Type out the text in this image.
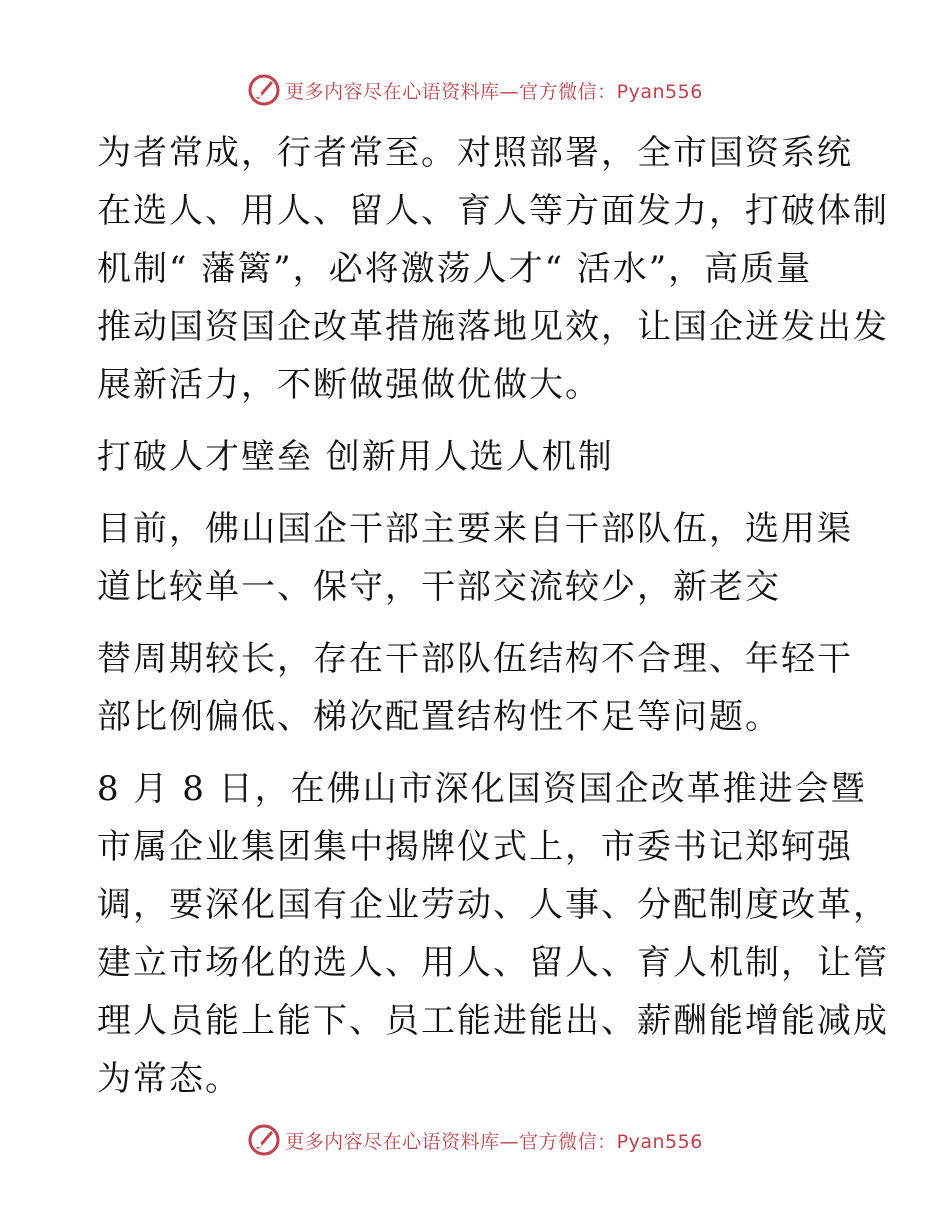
更多内容尽在心语资料库—官方微信：Pyan556

为者常成，行者常至。对照部署，全市国资系统

在选人、用人、留人、育人等方面发力，打破体制

机制“ 藩篱”，必将激荡人才“ 活水”，高质量

推动国资国企改革措施落地见效，让国企迸发出发

展新活力，不断做强做优做大。

打破人才壁垒 创新用人选人机制

目前，佛山国企干部主要来自干部队伍，选用渠

道比较单一、保守，干部交流较少，新老交

替周期较长，存在干部队伍结构不合理、年轻干

部比例偏低、梯次配置结构性不足等问题。

8 月 8 日，在佛山市深化国资国企改革推进会暨

市属企业集团集中揭牌仪式上，市委书记郑轲强

调，要深化国有企业劳动、人事、分配制度改革，

建立市场化的选人、用人、留人、育人机制，让管

理人员能上能下、员工能进能出、薪酬能增能减成

为常态。

更多内容尽在心语资料库—官方微信：Pyan556
